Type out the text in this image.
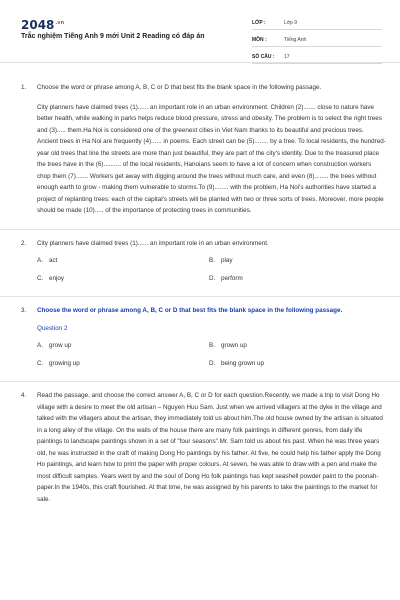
$2048^{.vn}$
Trắc nghiệm Tiếng Anh 9 mới Unit 2 Reading có đáp án
LỚP :	Lớp 9
MÔN :	Tiếng Anh
SỐ CÂU :	17
1. Choose the word or phrase among A, B, C or D that best fits the blank space in the following passage.

City planners have claimed trees (1)...... an important role in an urban environment. Children (2)....... close to nature have better health, while walking in parks helps reduce blood pressure, stress and obesity. The problem is to select the right trees and (3)..... them.Ha Noi is considered one of the greenest cities in Viet Nam thanks to its beautiful and precious trees. Ancient trees in Ha Noi are frequently (4)...... in poems. Each street can be (5)........ by a tree. To local residents, the hundred-year old trees that line the streets are more than just beautiful, they are part of the city's identity. Due to the treasured place the trees have in the (6).......... of the local residents, Hanoians seem to have a lot of concern when construction workers chop them (7)....... Workers get away with digging around the trees without much care, and even (8)........ the trees without enough earth to grow - making them vulnerable to storms.To (9)........ with the problem, Ha Noi's authorities have started a project of replanting trees: each of the capital's streets will be planted with two or three sorts of trees. Moreover, more people should be made (10)..... of the importance of protecting trees in communities.

2. City planners have claimed trees (1)...... an important role in an urban environment.

A. act	B. play
C. enjoy	D. perform
3. Choose the word or phrase among A, B, C or D that best fits the blank space in the following passage.

Question 2
A. grow up	B. grown up
C. growing up	D. being grown up
4. Read the passage, and choose the correct answer A, B, C or D for each question.Recently, we made a trip to visit Dong Ho village with a desire to meet the old artisan – Nguyen Huu Sam. Just when we arrived villagers at the dyke in the village and talked with the villagers about the artisan, they immediately told us about him.The old house owned by the artisan is situated in a long alley of the village. On the walls of the house there are many folk paintings in different genres, from daily life paintings to landscape paintings shown in a set of "four seasons".Mr. Sam told us about his past. When he was three years old, he was instructed in the craft of making Dong Ho paintings by his father. At five, he could help his father apply the Dong Ho paintings, and learn how to print the paper with proper colours. At seven, he was able to draw with a pen and make the most difficult samples. Years went by and the soul of Dong Ho folk paintings has kept seashell powder paint to the poonah-paper.In the 1940s, this craft flourished. At that time, he was assigned by his parents to take the paintings to the market for sale.
